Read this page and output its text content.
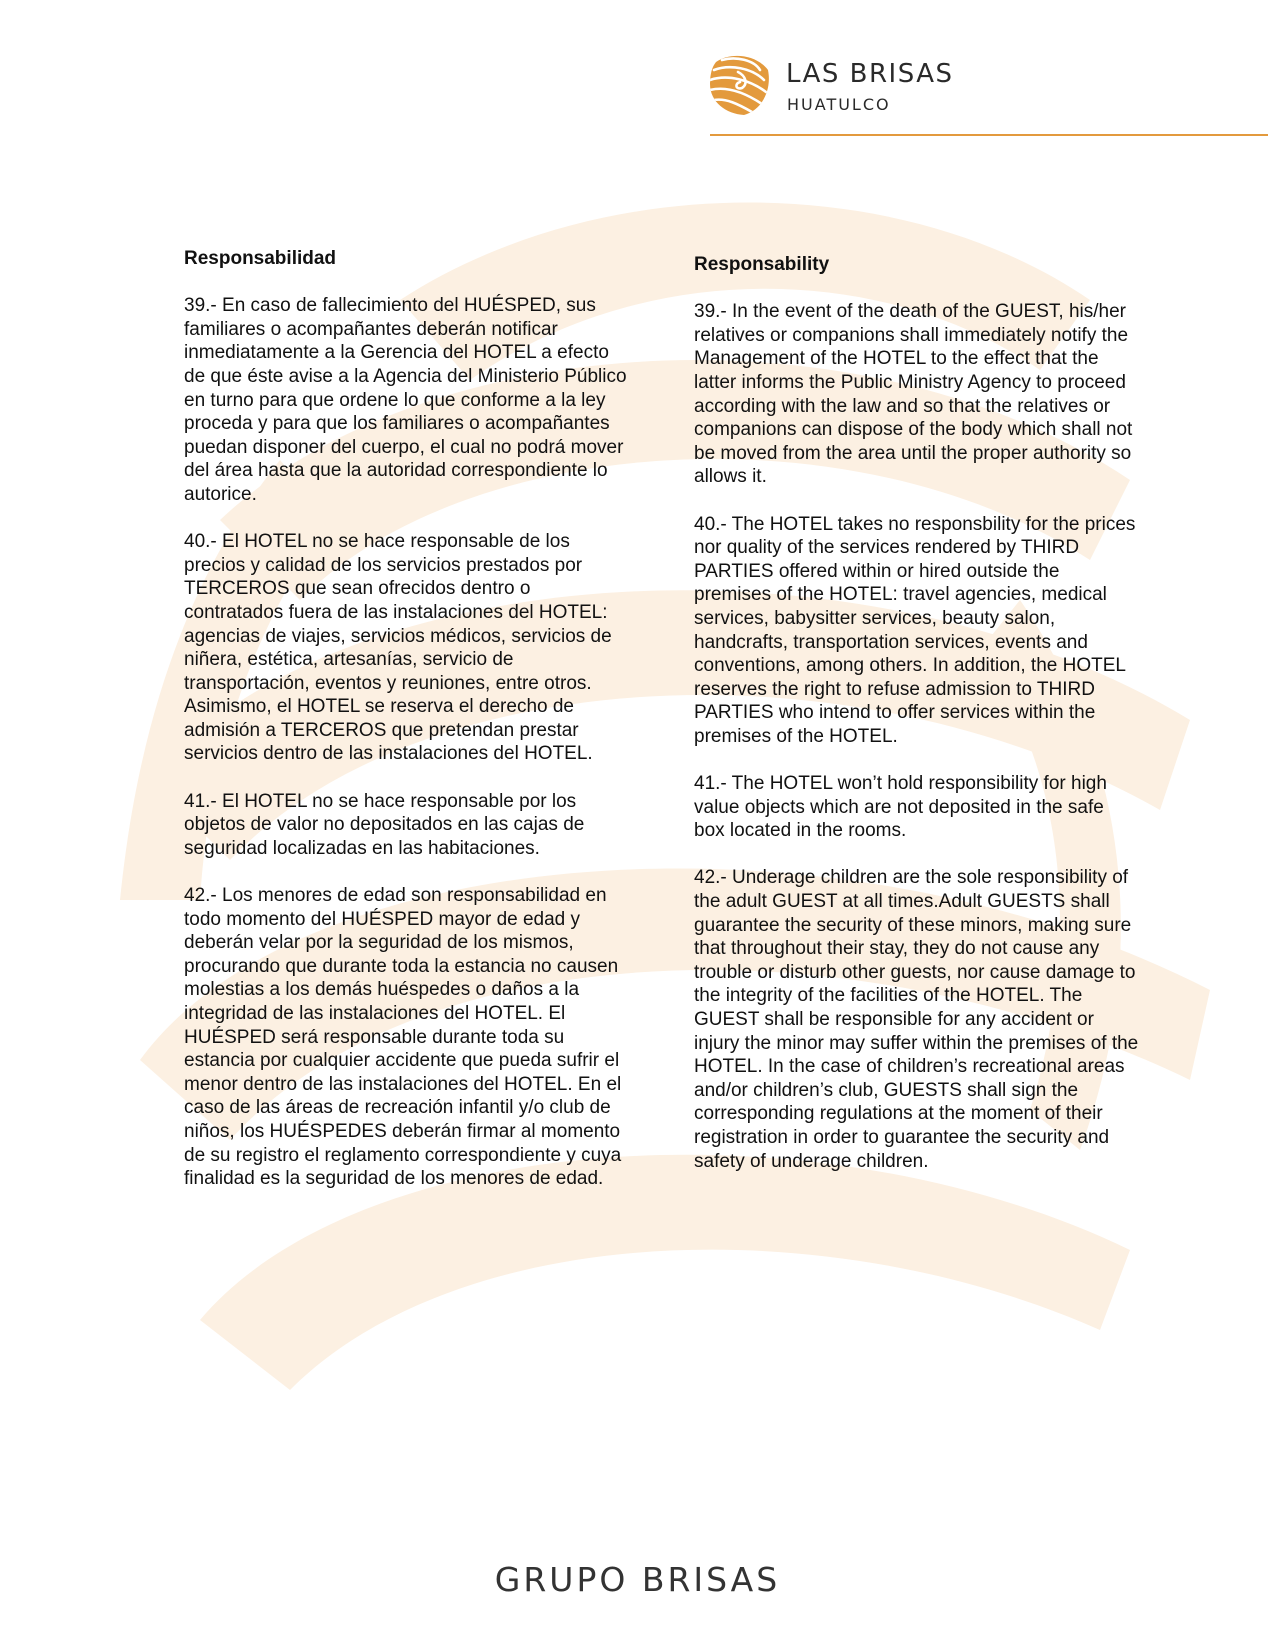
LAS BRISAS
HUATULCO
Responsabilidad

39.- En caso de fallecimiento del HUÉSPED, sus familiares o acompañantes deberán notificar inmediatamente a la Gerencia del HOTEL a efecto de que éste avise a la Agencia del Ministerio Público en turno para que ordene lo que conforme a la ley proceda y para que los familiares o acompañantes puedan disponer del cuerpo, el cual no podrá mover del área hasta que la autoridad correspondiente lo autorice.

40.- El HOTEL no se hace responsable de los precios y calidad de los servicios prestados por TERCEROS que sean ofrecidos dentro o contratados fuera de las instalaciones del HOTEL: agencias de viajes, servicios médicos, servicios de niñera, estética, artesanías, servicio de transportación, eventos y reuniones, entre otros. Asimismo, el HOTEL se reserva el derecho de admisión a TERCEROS que pretendan prestar servicios dentro de las instalaciones del HOTEL.

41.- El HOTEL no se hace responsable por los objetos de valor no depositados en las cajas de seguridad localizadas en las habitaciones.

42.- Los menores de edad son responsabilidad en todo momento del HUÉSPED mayor de edad y deberán velar por la seguridad de los mismos, procurando que durante toda la estancia no causen molestias a los demás huéspedes o daños a la integridad de las instalaciones del HOTEL. El HUÉSPED será responsable durante toda su estancia por cualquier accidente que pueda sufrir el menor dentro de las instalaciones del HOTEL. En el caso de las áreas de recreación infantil y/o club de niños, los HUÉSPEDES deberán firmar al momento de su registro el reglamento correspondiente y cuya finalidad es la seguridad de los menores de edad.

Responsability

39.- In the event of the death of the GUEST, his/her relatives or companions shall immediately notify the Management of the HOTEL to the effect that the latter informs the Public Ministry Agency to proceed according with the law and so that the relatives or companions can dispose of the body which shall not be moved from the area until the proper authority so allows it.

40.- The HOTEL takes no responsbility for the prices nor quality of the services rendered by THIRD PARTIES offered within or hired outside the premises of the HOTEL: travel agencies, medical services, babysitter services, beauty salon, handcrafts, transportation services, events and conventions, among others. In addition, the HOTEL reserves the right to refuse admission to THIRD PARTIES who intend to offer services within the premises of the HOTEL.

41.- The HOTEL won’t hold responsibility for high value objects which are not deposited in the safe box located in the rooms.

42.- Underage children are the sole responsibility of the adult GUEST at all times.Adult GUESTS shall guarantee the security of these minors, making sure that throughout their stay, they do not cause any trouble or disturb other guests, nor cause damage to the integrity of the facilities of the HOTEL. The GUEST shall be responsible for any accident or injury the minor may suffer within the premises of the HOTEL. In the case of children’s recreational areas and/or children’s club, GUESTS shall sign the corresponding regulations at the moment of their registration in order to guarantee the security and safety of underage children.

GRUPO BRISAS
